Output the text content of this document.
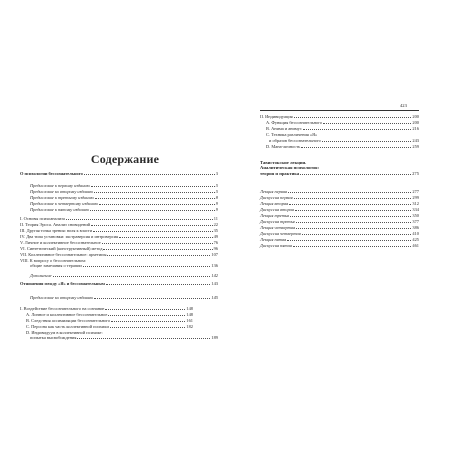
Содержание
О психологии бессознательного	3
Предисловие к первому изданию	5
Предисловие ко второму изданию	5
Предисловие к третьему изданию	8
Предисловие к четвертому изданию	9
Предисловие к пятому изданию	9
I. Основы психоанализа	11
II. Теория Эроса. Анализ сновидений	22
III. Другая точка зрения: воля к власти	35
IV. Два типа установки: экстраверсия и интроверсия	49
V. Личное и коллективное бессознательное	76
VI. Синтетический (конструктивный) метод	96
VII. Коллективное бессознательное: архетипы	107
VIII. К вопросу о бессознательном:
общие замечания о терапии	136
Дополнение	142
Отношения между «Я» и бессознательным	143
Предисловие ко второму изданию	145
I. Воздействие бессознательного на сознание	148
А. Личное и коллективное бессознательное	148
В. Следствия ассимиляции бессознательного	161
С. Персона как часть коллективной психики	182
D. Индивидуум в коллективной психике:
попытка высвобождения	189
423
II. Индивидуация	200
А. Функция бессознательного	200
В. Анима и анимус	216
С. Техника различения «Я»
и образов бессознательного	243
D. Мана-личность	259
Тавистокские лекции.
Аналитическая психология:
теория и практика	275
Лекция первая	277
Дискуссия первая	299
Лекция вторая	312
Дискуссия вторая	334
Лекция третья	350
Дискуссия третья	377
Лекция четвертая	386
Дискуссия четвертая	410
Лекция пятая	425
Дискуссия пятая	461
